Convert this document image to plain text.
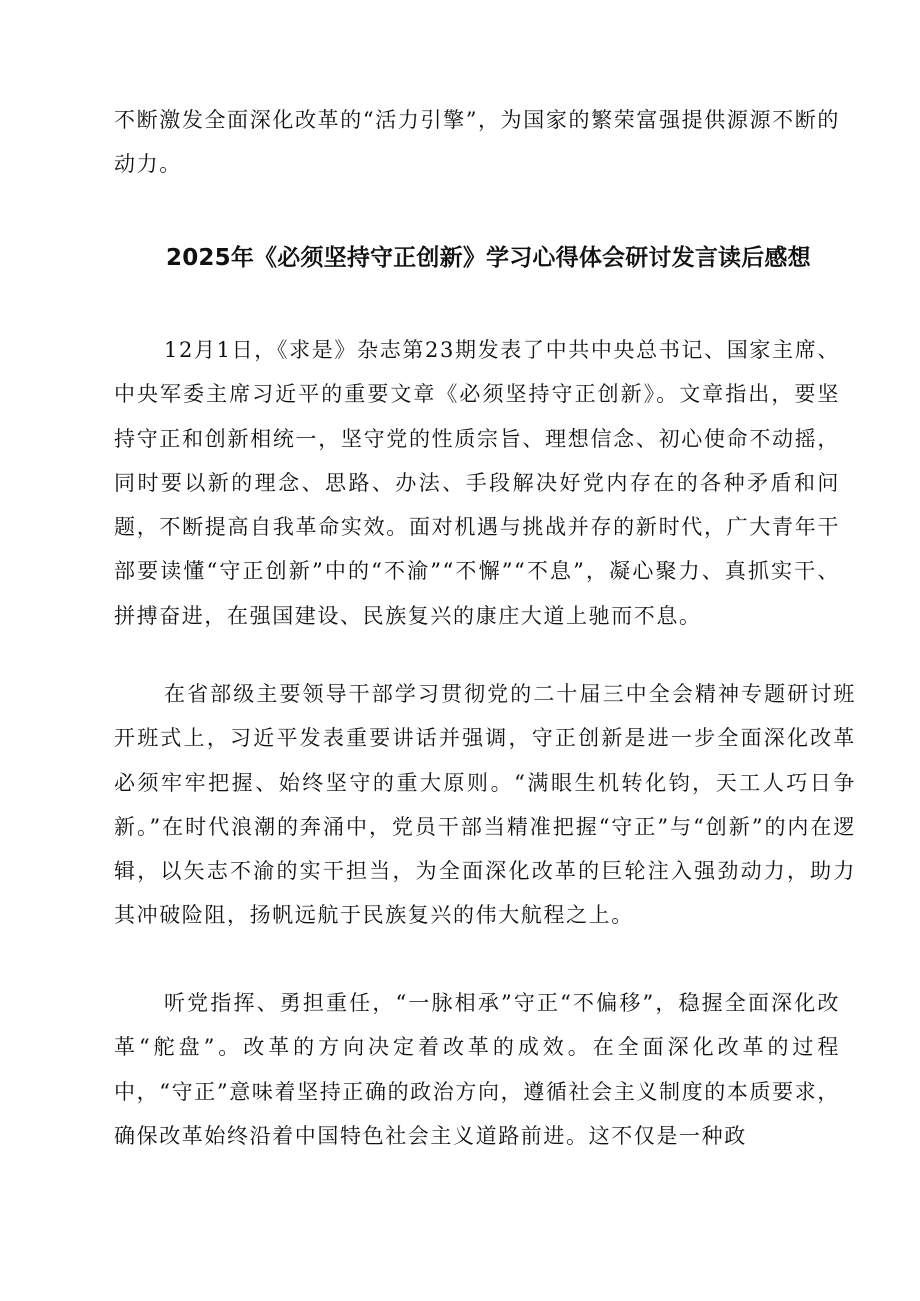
不断激发全面深化改革的“活力引擎”，为国家的繁荣富强提供源源不断的动力。

2025年《必须坚持守正创新》学习心得体会研讨发言读后感想

12月1日，《求是》杂志第23期发表了中共中央总书记、国家主席、中央军委主席习近平的重要文章《必须坚持守正创新》。文章指出，要坚持守正和创新相统一，坚守党的性质宗旨、理想信念、初心使命不动摇，同时要以新的理念、思路、办法、手段解决好党内存在的各种矛盾和问题，不断提高自我革命实效。面对机遇与挑战并存的新时代，广大青年干部要读懂“守正创新”中的“不渝”“不懈”“不息”，凝心聚力、真抓实干、拼搏奋进，在强国建设、民族复兴的康庄大道上驰而不息。

在省部级主要领导干部学习贯彻党的二十届三中全会精神专题研讨班开班式上，习近平发表重要讲话并强调，守正创新是进一步全面深化改革必须牢牢把握、始终坚守的重大原则。“满眼生机转化钧，天工人巧日争新。”在时代浪潮的奔涌中，党员干部当精准把握“守正”与“创新”的内在逻辑，以矢志不渝的实干担当，为全面深化改革的巨轮注入强劲动力，助力其冲破险阻，扬帆远航于民族复兴的伟大航程之上。

听党指挥、勇担重任，“一脉相承”守正“不偏移”，稳握全面深化改革“舵盘”。改革的方向决定着改革的成效。在全面深化改革的过程中，“守正”意味着坚持正确的政治方向，遵循社会主义制度的本质要求，确保改革始终沿着中国特色社会主义道路前进。这不仅是一种政
